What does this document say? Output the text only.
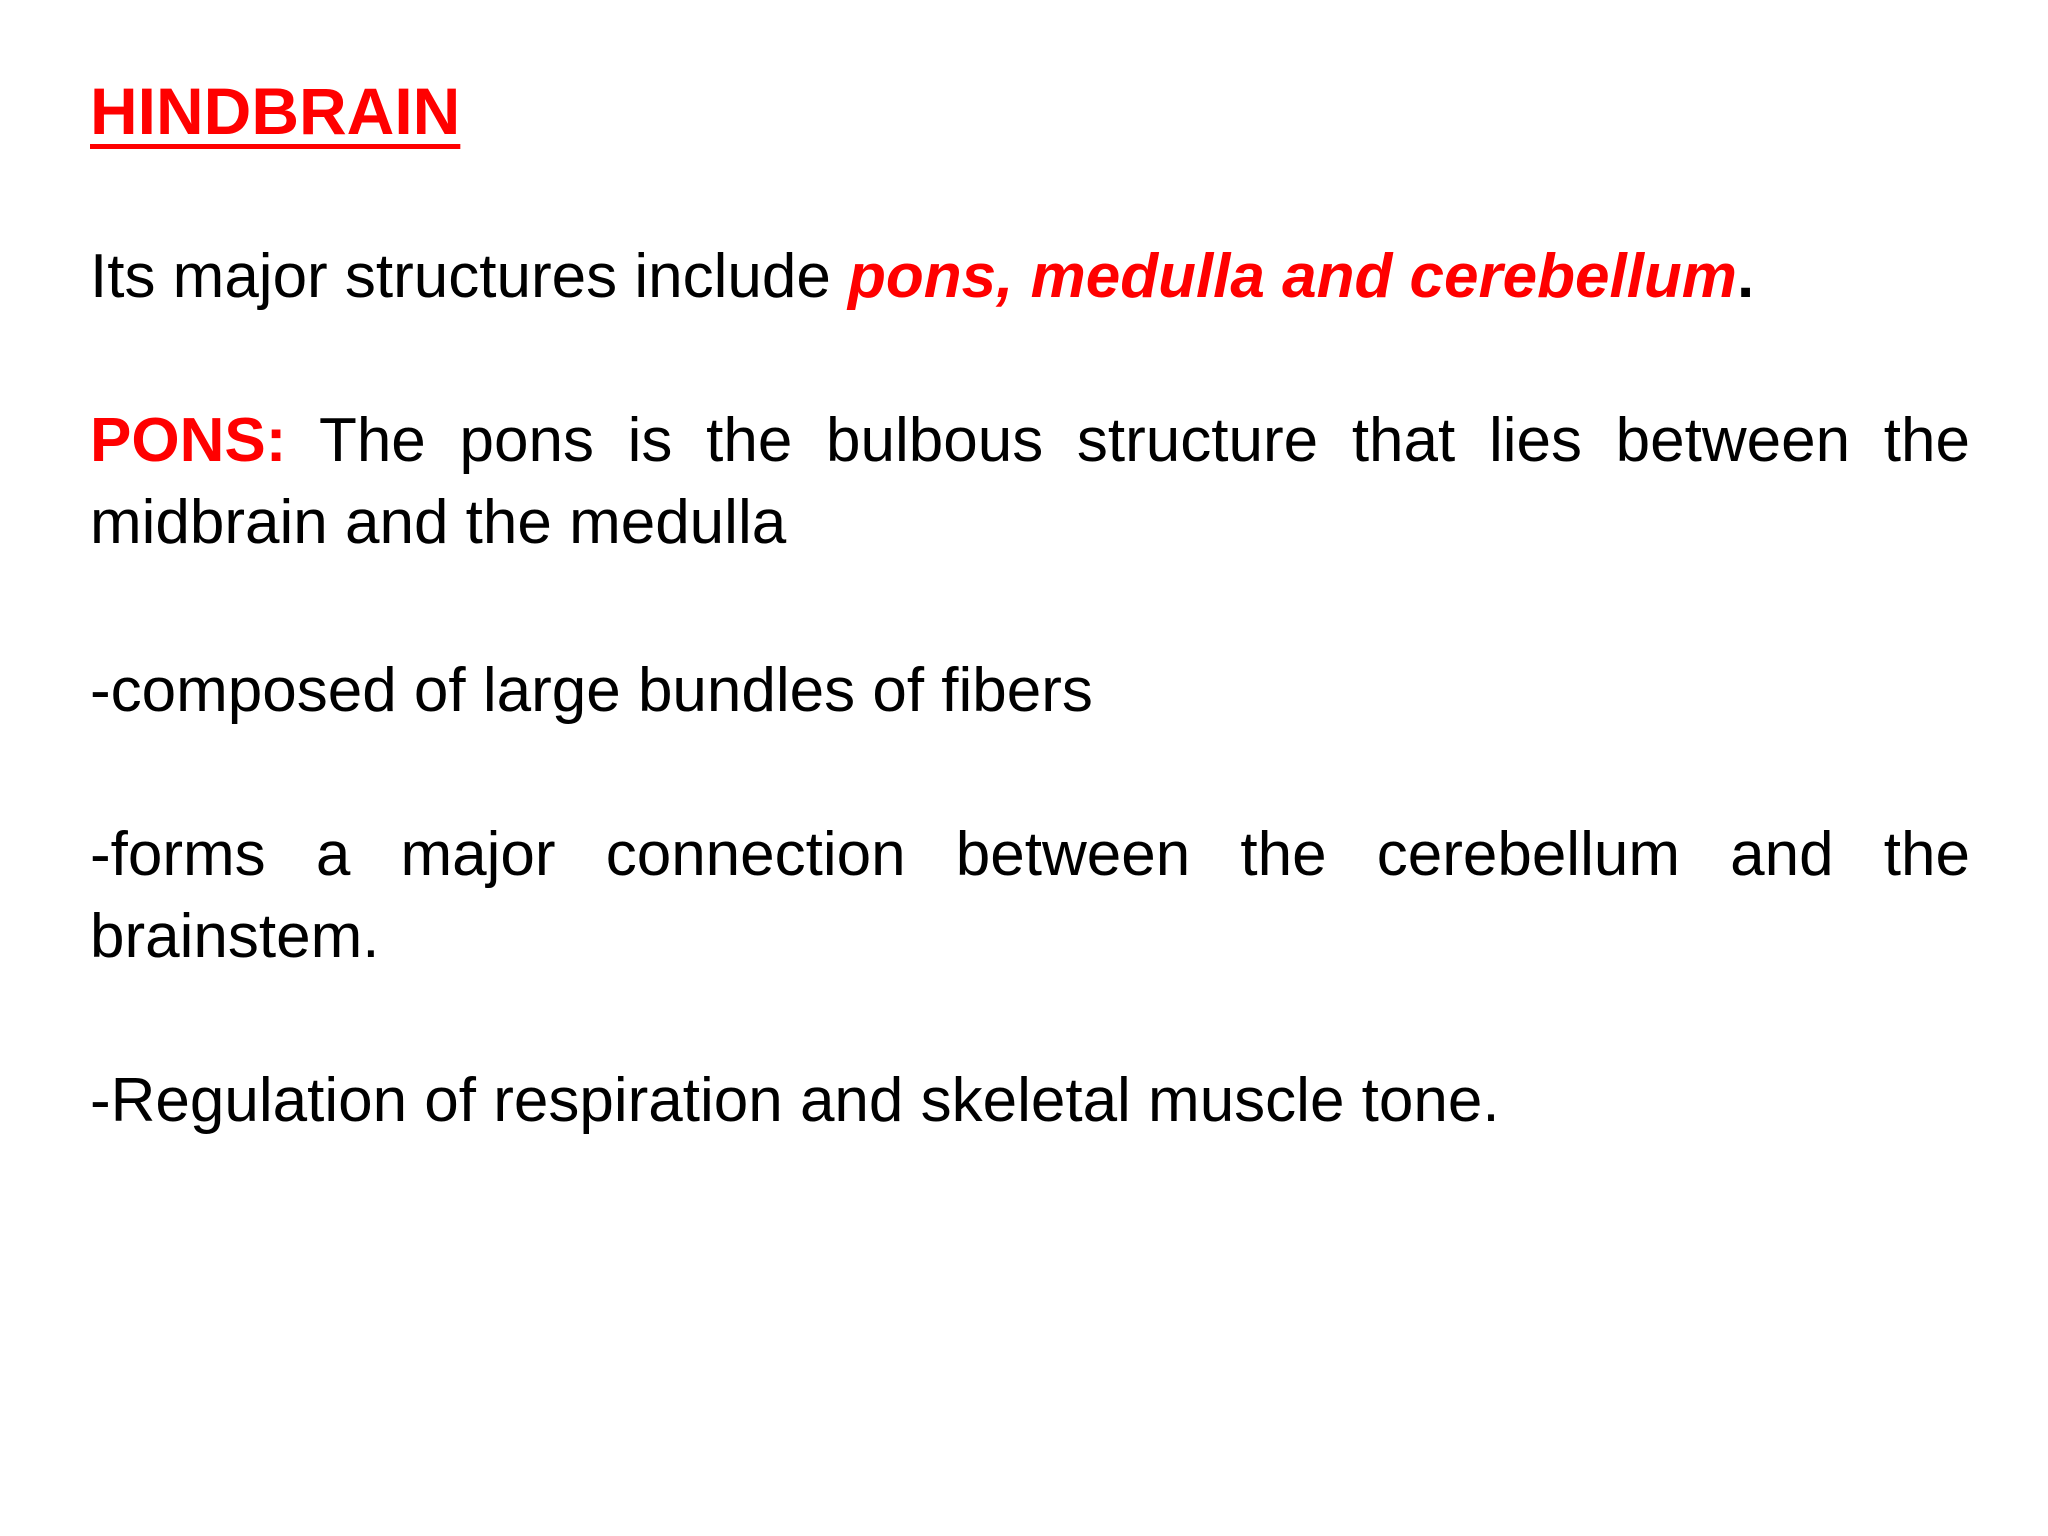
HINDBRAIN
Its major structures include pons, medulla and cerebellum.
PONS: The pons is the bulbous structure that lies between the midbrain and the medulla
-composed of large bundles of fibers
-forms a major connection between the cerebellum and the brainstem.
-Regulation of respiration and skeletal muscle tone.
